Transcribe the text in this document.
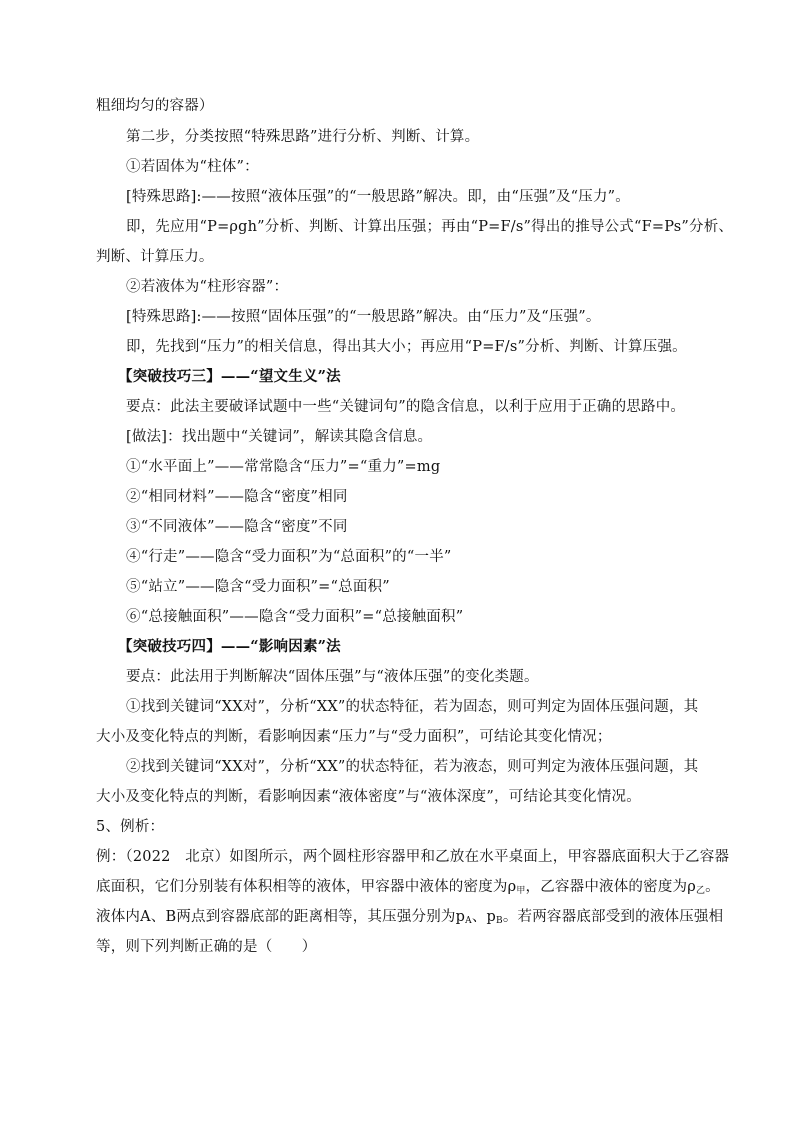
粗细均匀的容器）
第二步，分类按照“特殊思路”进行分析、判断、计算。
①若固体为“柱体”：
[特殊思路]:——按照“液体压强”的“一般思路”解决。即，由“压强”及“压力”。
即，先应用“P=ρgh”分析、判断、计算出压强；再由“P=F/s”得出的推导公式“F=Ps”分析、
判断、计算压力。
②若液体为“柱形容器”：
[特殊思路]:——按照“固体压强”的“一般思路”解决。由“压力”及“压强”。
即，先找到“压力”的相关信息，得出其大小；再应用“P=F/s”分析、判断、计算压强。
【突破技巧三】——“望文生义”法
要点：此法主要破译试题中一些“关键词句”的隐含信息，以利于应用于正确的思路中。
[做法]：找出题中“关键词”，解读其隐含信息。
①“水平面上”——常常隐含“压力”=“重力”=mg
②“相同材料”——隐含“密度”相同
③“不同液体”——隐含“密度”不同
④“行走”——隐含“受力面积”为“总面积”的“一半”
⑤“站立”——隐含“受力面积”=“总面积”
⑥“总接触面积”——隐含“受力面积”=“总接触面积”
【突破技巧四】——“影响因素”法
要点：此法用于判断解决“固体压强”与“液体压强”的变化类题。
①找到关键词“XX对”，分析“XX”的状态特征，若为固态，则可判定为固体压强问题，其
大小及变化特点的判断，看影响因素“压力”与“受力面积”，可结论其变化情况；
②找到关键词“XX对”，分析“XX”的状态特征，若为液态，则可判定为液体压强问题，其
大小及变化特点的判断，看影响因素“液体密度”与“液体深度”，可结论其变化情况。
5、例析：
例：（2022　北京）如图所示，两个圆柱形容器甲和乙放在水平桌面上，甲容器底面积大于乙容器
底面积，它们分别装有体积相等的液体，甲容器中液体的密度为$\rho_甲$，乙容器中液体的密度为$\rho_乙$。
液体内A、B两点到容器底部的距离相等，其压强分别为$p_A$、$p_B$。若两容器底部受到的液体压强相
等，则下列判断正确的是（　　）
